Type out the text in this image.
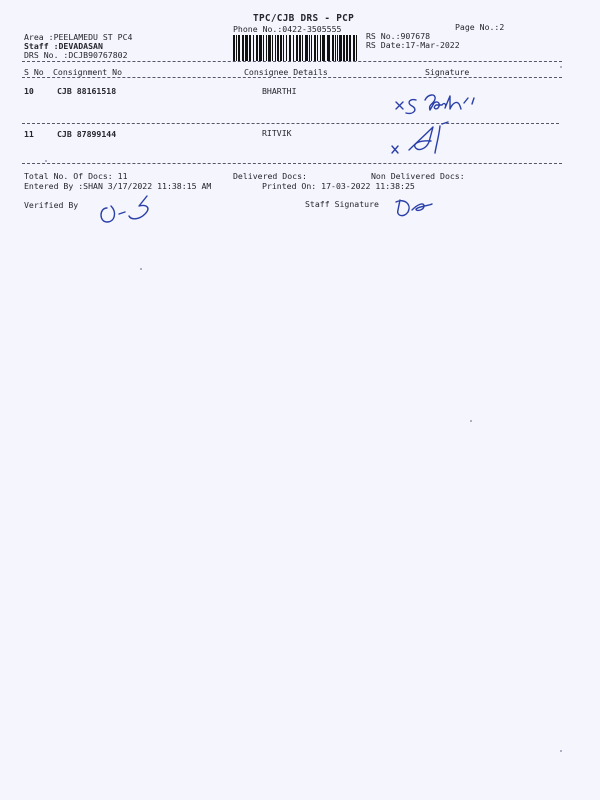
TPC/CJB DRS - PCP
Phone No.:0422-3505555	Page No.:2
Area :PEELAMEDU ST PC4
Staff :DEVADASAN
DRS No. :DCJB90767802
RS No.:907678
RS Date:17-Mar-2022
S No Consignment No	Consignee Details	Signature
10	CJB 88161518	BHARTHI
11	CJB 87899144	RITVIK
Total No. Of Docs: 11	Delivered Docs:	Non Delivered Docs:
Entered By :SHAN 3/17/2022 11:38:15 AM	Printed On: 17-03-2022 11:38:25
Verified By	Staff Signature
